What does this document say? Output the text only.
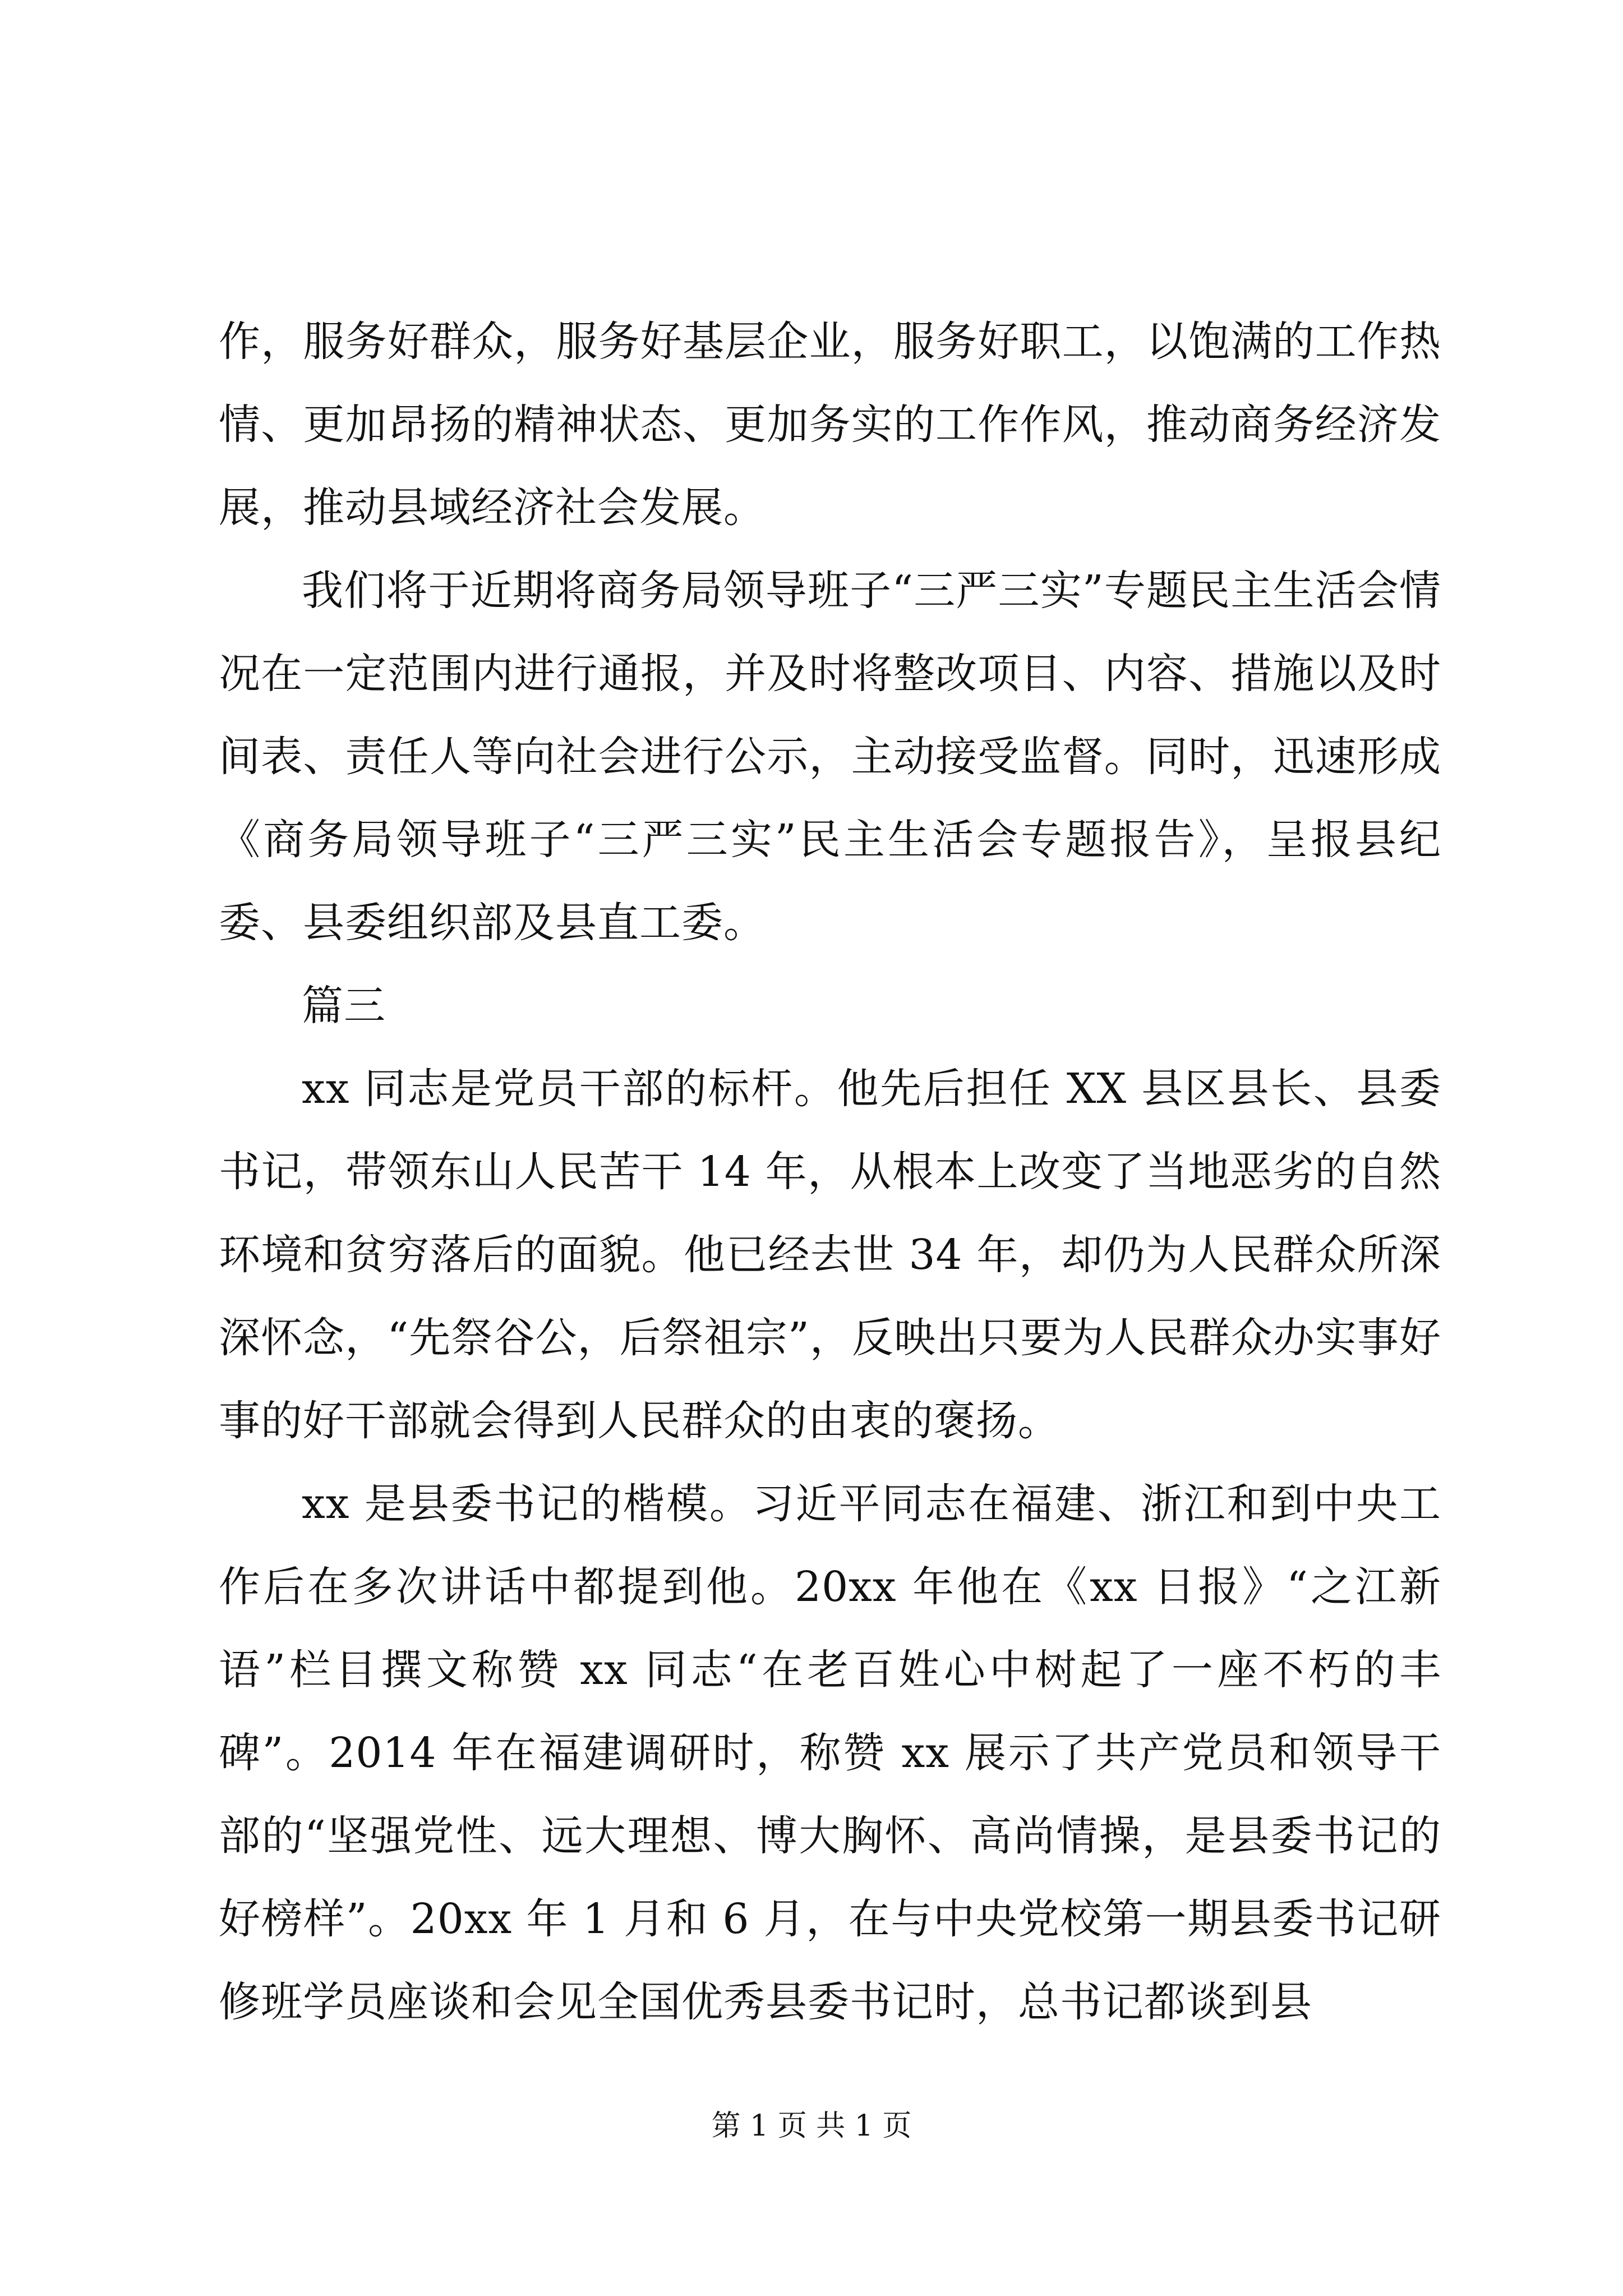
作，服务好群众，服务好基层企业，服务好职工，以饱满的工作热情、更加昂扬的精神状态、更加务实的工作作风，推动商务经济发展，推动县域经济社会发展。

我们将于近期将商务局领导班子“三严三实”专题民主生活会情况在一定范围内进行通报，并及时将整改项目、内容、措施以及时间表、责任人等向社会进行公示，主动接受监督。同时，迅速形成《商务局领导班子“三严三实”民主生活会专题报告》，呈报县纪委、县委组织部及县直工委。

篇三

xx 同志是党员干部的标杆。他先后担任 XX 县区县长、县委书记，带领东山人民苦干 14 年，从根本上改变了当地恶劣的自然环境和贫穷落后的面貌。他已经去世 34 年，却仍为人民群众所深深怀念，“先祭谷公，后祭祖宗”，反映出只要为人民群众办实事好事的好干部就会得到人民群众的由衷的褒扬。

xx 是县委书记的楷模。习近平同志在福建、浙江和到中央工作后在多次讲话中都提到他。20xx 年他在《xx 日报》“之江新语”栏目撰文称赞 xx 同志“在老百姓心中树起了一座不朽的丰碑”。2014 年在福建调研时，称赞 xx 展示了共产党员和领导干部的“坚强党性、远大理想、博大胸怀、高尚情操，是县委书记的好榜样”。20xx 年 1 月和 6 月，在与中央党校第一期县委书记研修班学员座谈和会见全国优秀县委书记时，总书记都谈到县

第 1 页 共 1 页
